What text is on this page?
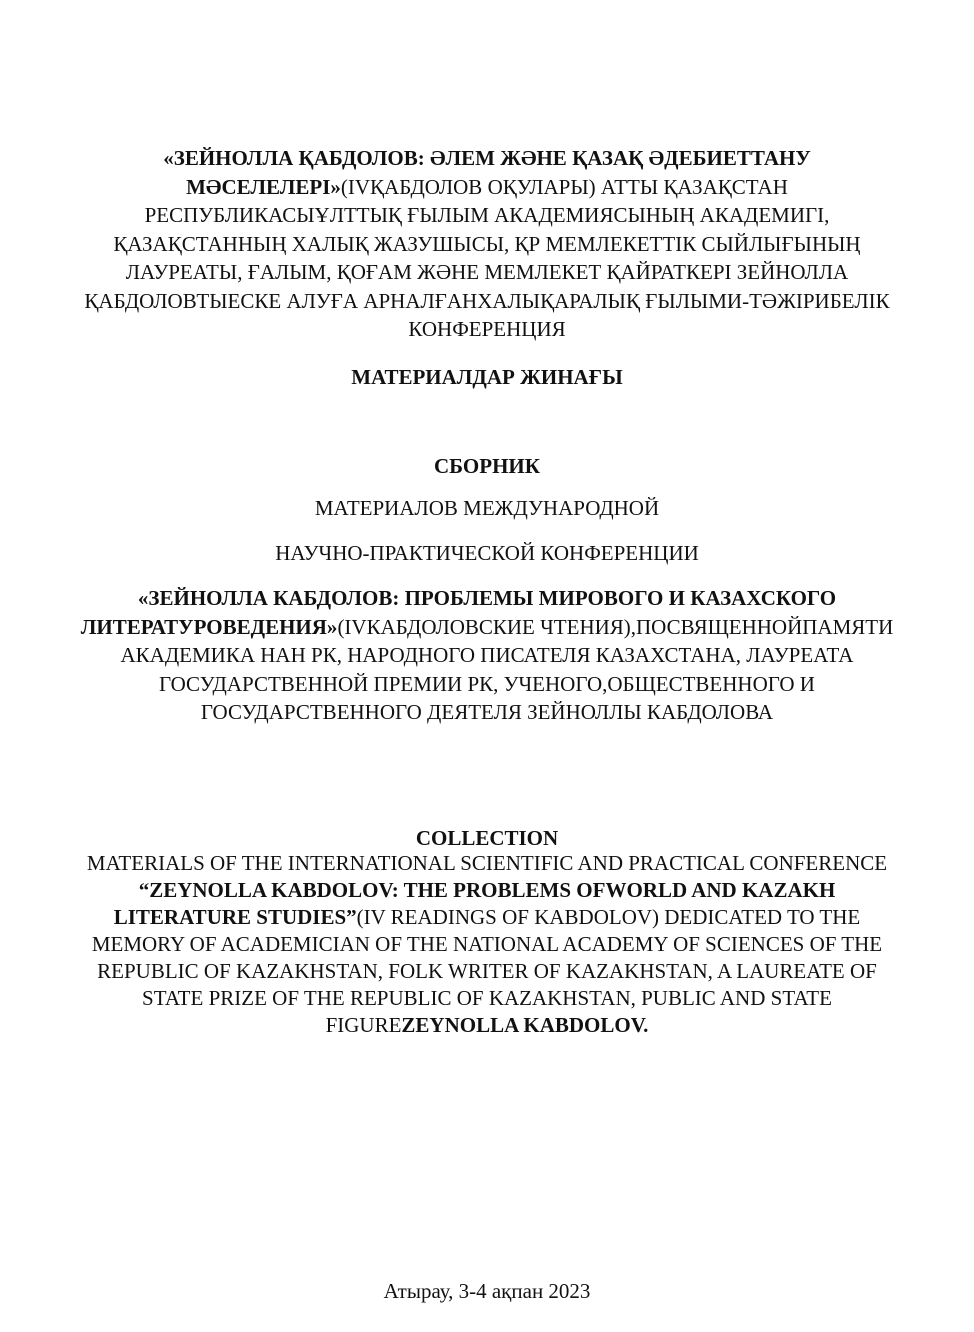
«ЗЕЙНОЛЛА ҚАБДОЛОВ: ӘЛЕМ ЖӘНЕ ҚАЗАҚ ӘДЕБИЕТТАНУ
МӘСЕЛЕЛЕРІ»(IVҚАБДОЛОВ ОҚУЛАРЫ) АТТЫ ҚАЗАҚСТАН
РЕСПУБЛИКАСЫҰЛТТЫҚ ҒЫЛЫМ АКАДЕМИЯСЫНЫҢ АКАДЕМИГІ,
ҚАЗАҚСТАННЫҢ ХАЛЫҚ ЖАЗУШЫСЫ, ҚР МЕМЛЕКЕТТІК СЫЙЛЫҒЫНЫҢ
ЛАУРЕАТЫ, ҒАЛЫМ, ҚОҒАМ ЖӘНЕ МЕМЛЕКЕТ ҚАЙРАТКЕРІ ЗЕЙНОЛЛА
ҚАБДОЛОВТЫЕСКЕ АЛУҒА АРНАЛҒАНХАЛЫҚАРАЛЫҚ ҒЫЛЫМИ-ТӘЖІРИБЕЛІК
КОНФЕРЕНЦИЯ
МАТЕРИАЛДАР ЖИНАҒЫ
СБОРНИК
МАТЕРИАЛОВ МЕЖДУНАРОДНОЙ
НАУЧНО-ПРАКТИЧЕСКОЙ КОНФЕРЕНЦИИ
«ЗЕЙНОЛЛА КАБДОЛОВ: ПРОБЛЕМЫ МИРОВОГО И КАЗАХСКОГО
ЛИТЕРАТУРОВЕДЕНИЯ»(IVКАБДОЛОВСКИЕ ЧТЕНИЯ),ПОСВЯЩЕННОЙПАМЯТИ
АКАДЕМИКА НАН РК, НАРОДНОГО ПИСАТЕЛЯ КАЗАХСТАНА, ЛАУРЕАТА
ГОСУДАРСТВЕННОЙ ПРЕМИИ РК, УЧЕНОГО,ОБЩЕСТВЕННОГО И
ГОСУДАРСТВЕННОГО ДЕЯТЕЛЯ ЗЕЙНОЛЛЫ КАБДОЛОВА
COLLECTION
MATERIALS OF THE INTERNATIONAL SCIENTIFIC AND PRACTICAL CONFERENCE
“ZEYNOLLA KABDOLOV: THE PROBLEMS OFWORLD AND KAZAKH
LITERATURE STUDIES”(IV READINGS OF KABDOLOV) DEDICATED TO THE
MEMORY OF ACADEMICIAN OF THE NATIONAL ACADEMY OF SCIENCES OF THE
REPUBLIC OF KAZAKHSTAN, FOLK WRITER OF KAZAKHSTAN, A LAUREATE OF
STATE PRIZE OF THE REPUBLIC OF KAZAKHSTAN, PUBLIC AND STATE
FIGUREZEYNOLLA KABDOLOV.
Атырау, 3-4 ақпан 2023
